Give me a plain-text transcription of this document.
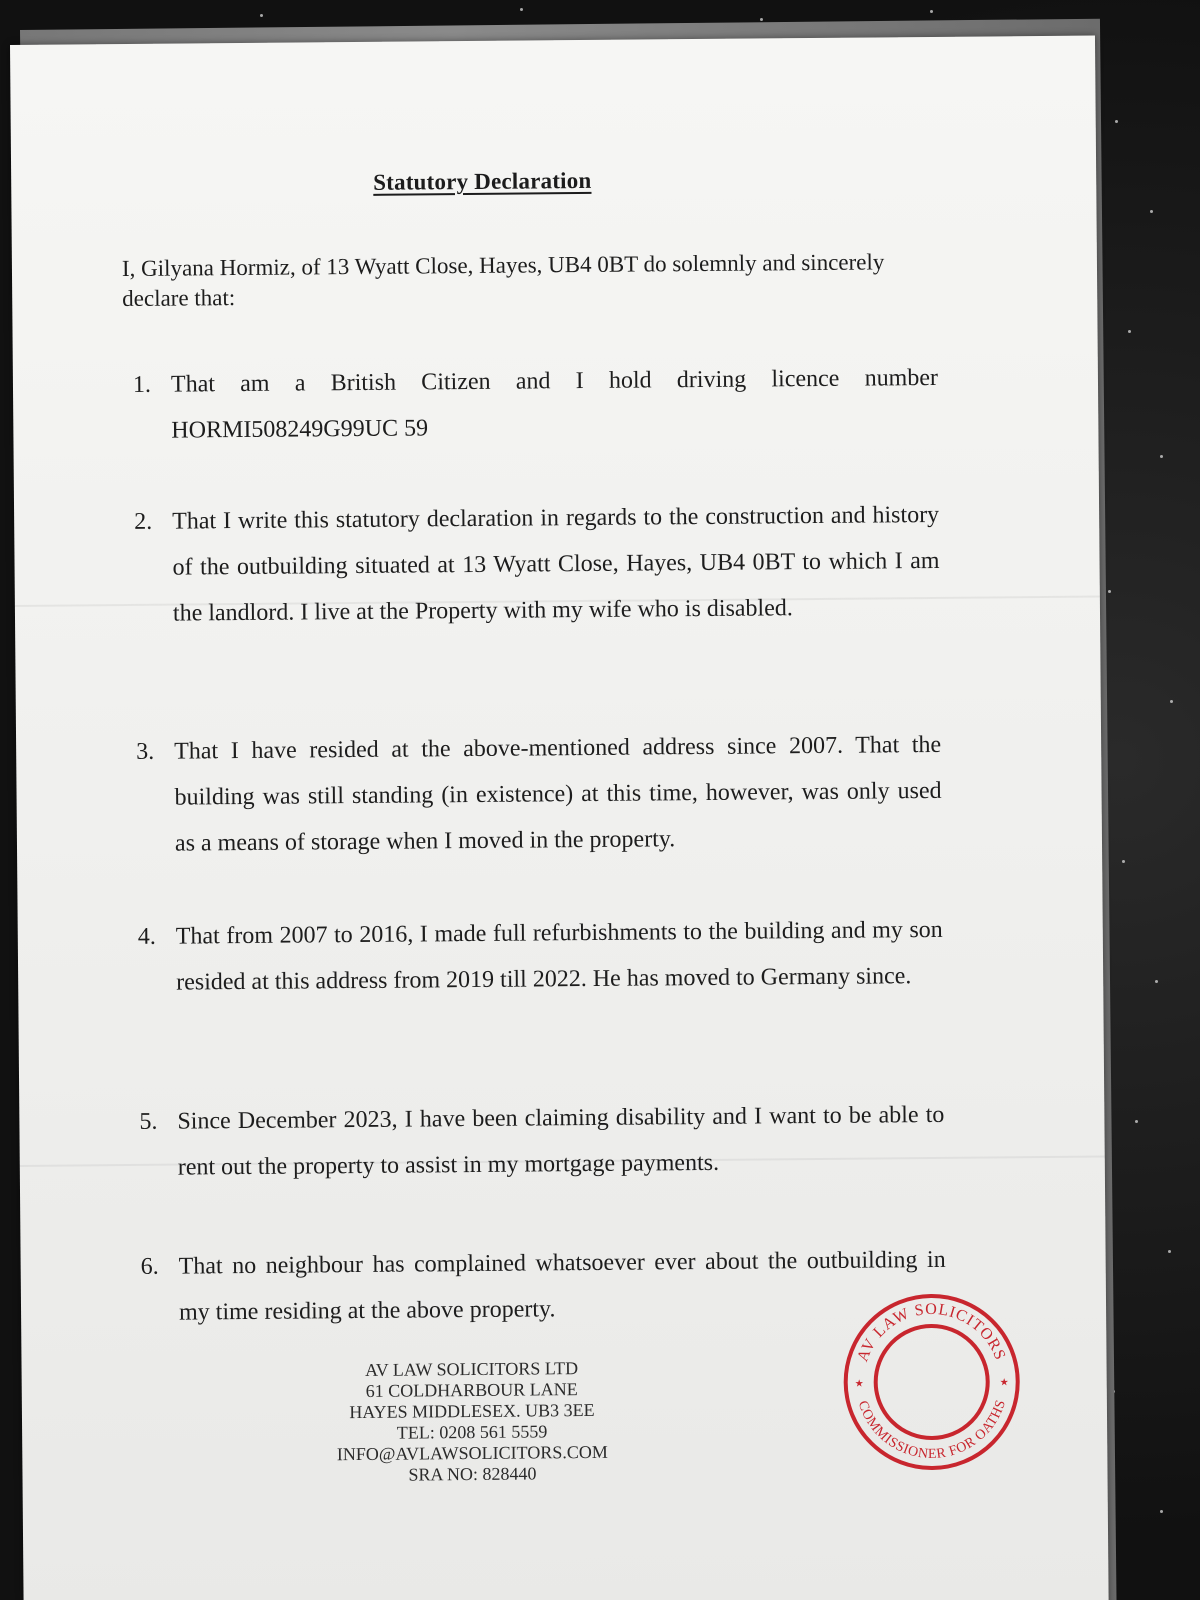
Statutory Declaration
I, Gilyana Hormiz, of 13 Wyatt Close, Hayes, UB4 0BT do solemnly and sincerely declare that:
1. That am a British Citizen and I hold driving licence number HORMI508249G99UC 59
2. That I write this statutory declaration in regards to the construction and history of the outbuilding situated at 13 Wyatt Close, Hayes, UB4 0BT to which I am the landlord. I live at the Property with my wife who is disabled.
3. That I have resided at the above-mentioned address since 2007. That the building was still standing (in existence) at this time, however, was only used as a means of storage when I moved in the property.
4. That from 2007 to 2016, I made full refurbishments to the building and my son resided at this address from 2019 till 2022. He has moved to Germany since.
5. Since December 2023, I have been claiming disability and I want to be able to rent out the property to assist in my mortgage payments.
6. That no neighbour has complained whatsoever ever about the outbuilding in my time residing at the above property.
AV LAW SOLICITORS LTD
61 COLDHARBOUR LANE
HAYES MIDDLESEX. UB3 3EE
TEL: 0208 561 5559
INFO@AVLAWSOLICITORS.COM
SRA NO: 828440
AV LAW SOLICITORS
COMMISSIONER FOR OATHS
★	★
